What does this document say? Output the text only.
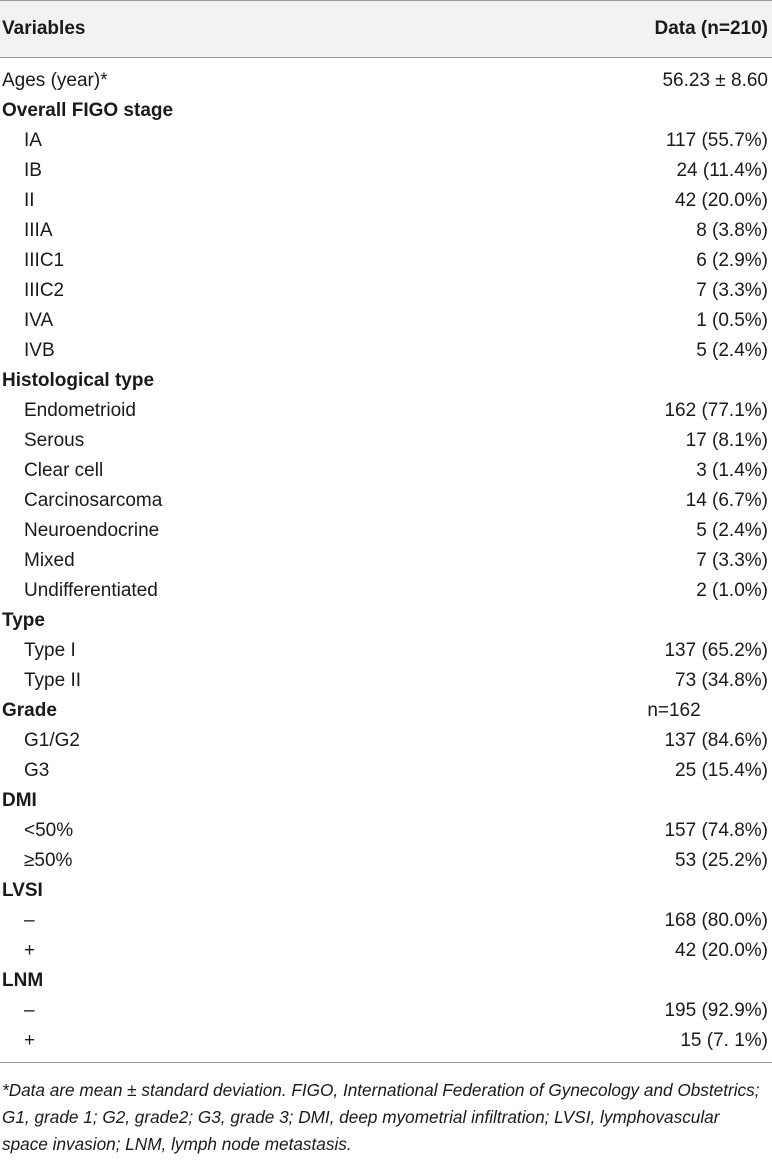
Variables	Data (n=210)
Ages (year)*	56.23 ± 8.60
Overall FIGO stage
IA	117 (55.7%)
IB	24 (11.4%)
II	42 (20.0%)
IIIA	8 (3.8%)
IIIC1	6 (2.9%)
IIIC2	7 (3.3%)
IVA	1 (0.5%)
IVB	5 (2.4%)
Histological type
Endometrioid	162 (77.1%)
Serous	17 (8.1%)
Clear cell	3 (1.4%)
Carcinosarcoma	14 (6.7%)
Neuroendocrine	5 (2.4%)
Mixed	7 (3.3%)
Undifferentiated	2 (1.0%)
Type
Type I	137 (65.2%)
Type II	73 (34.8%)
Grade	n=162
G1/G2	137 (84.6%)
G3	25 (15.4%)
DMI
<50%	157 (74.8%)
≥50%	53 (25.2%)
LVSI
–	168 (80.0%)
+	42 (20.0%)
LNM
–	195 (92.9%)
+	15 (7. 1%)
*Data are mean ± standard deviation. FIGO, International Federation of Gynecology and Obstetrics; G1, grade 1; G2, grade2; G3, grade 3; DMI, deep myometrial infiltration; LVSI, lymphovascular space invasion; LNM, lymph node metastasis.
